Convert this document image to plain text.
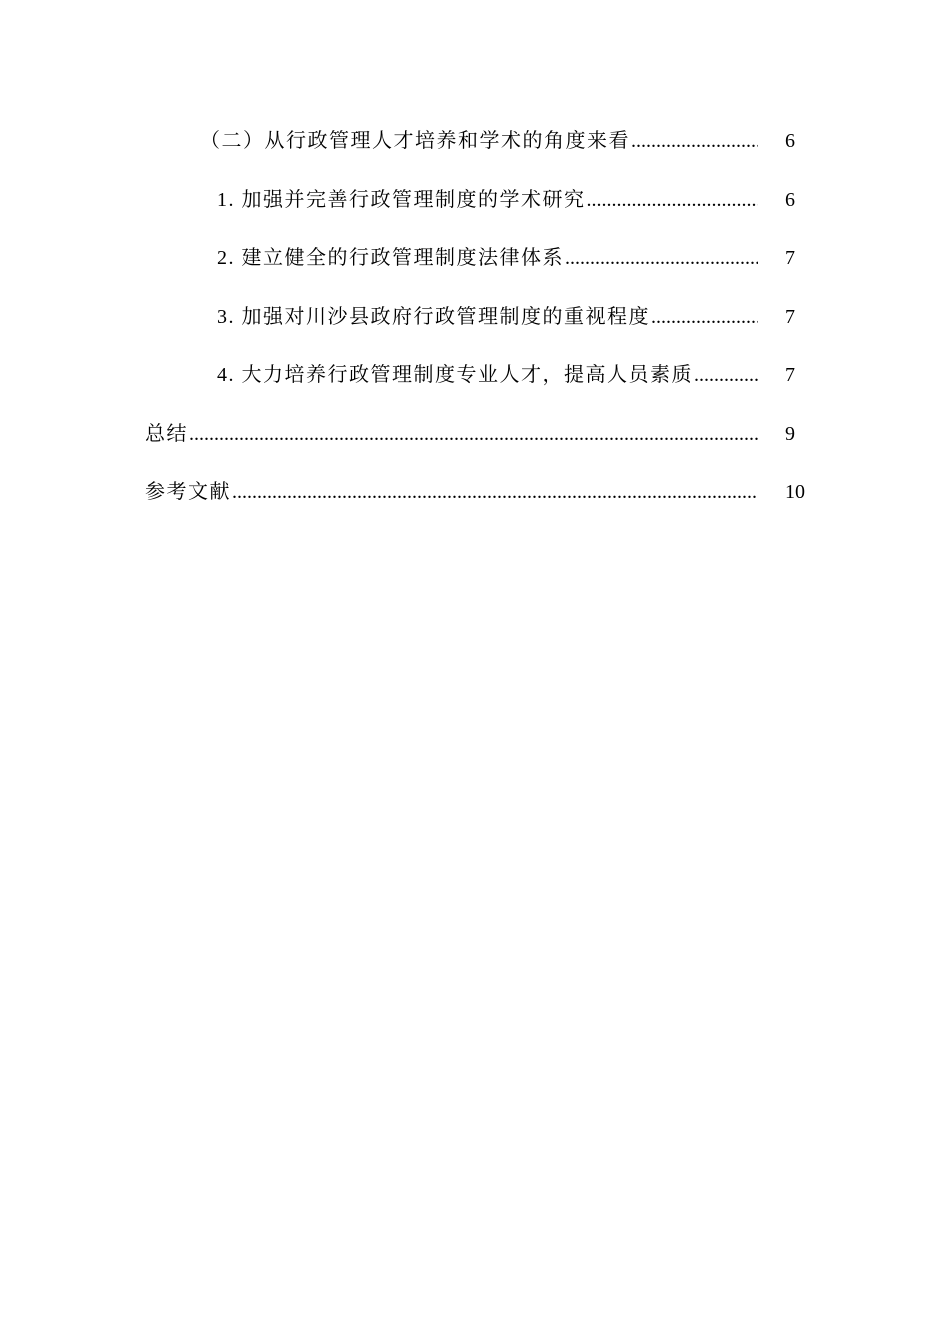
（二）从行政管理人才培养和学术的角度来看 .....	6
1. 加强并完善行政管理制度的学术研究 .....	6
2. 建立健全的行政管理制度法律体系 .....	7
3. 加强对川沙县政府行政管理制度的重视程度 .....	7
4. 大力培养行政管理制度专业人才，提高人员素质 .....	7
总结 .....	9
参考文献 .....	10
